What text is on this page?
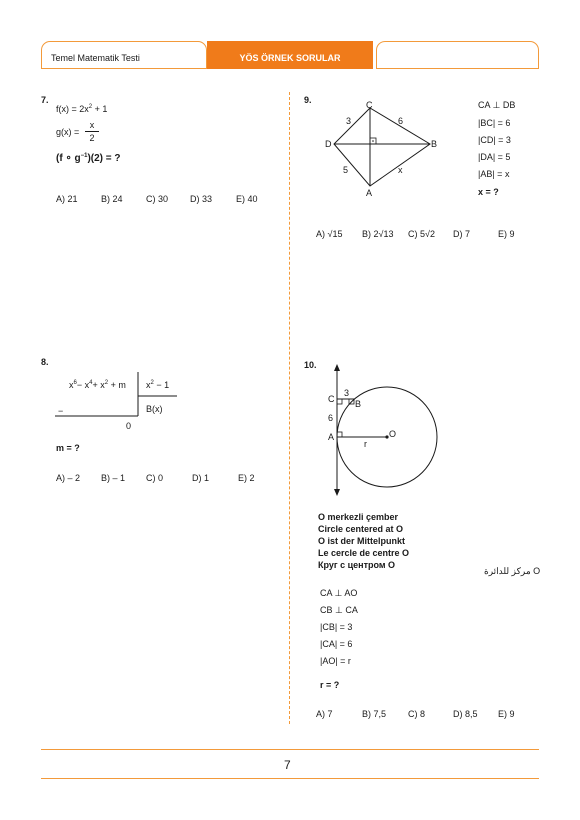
Temel Matematik Testi	YÖS ÖRNEK SORULAR
7.
$f(x) = 2x^2 + 1$
g(x) =
x
2
(f ∘ $g^{-1})(2)$ = ?
A) 21	B) 24	C) 30 D) 33	E) 40
8.
$x^6- x^4+ x^2 + m$ $x^2 - 1$
−	B(x)
0
m = ?
A) – 2 B) – 1 C) 0	D) 1	E) 2
9.	C
D	B
A
3	6
5	x
CA ⊥ DB
|BC| = 6
|CD| = 3
|DA| = 5
|AB| = x
x = ?
A) √15 B) 2√13 C) 5√2 D) 7	E) 9
10.
C B
A	O
r
3
6
O merkezli çember
Circle centered at O
O ist der Mittelpunkt
Le cercle de centre O
Круг с центром O
O مركز للدائرة
CA ⊥ AO
CB ⊥ CA
|CB| = 3
|CA| = 6
|AO| = r
r = ?
A) 7	B) 7,5 C) 8	D) 8,5 E) 9
7
